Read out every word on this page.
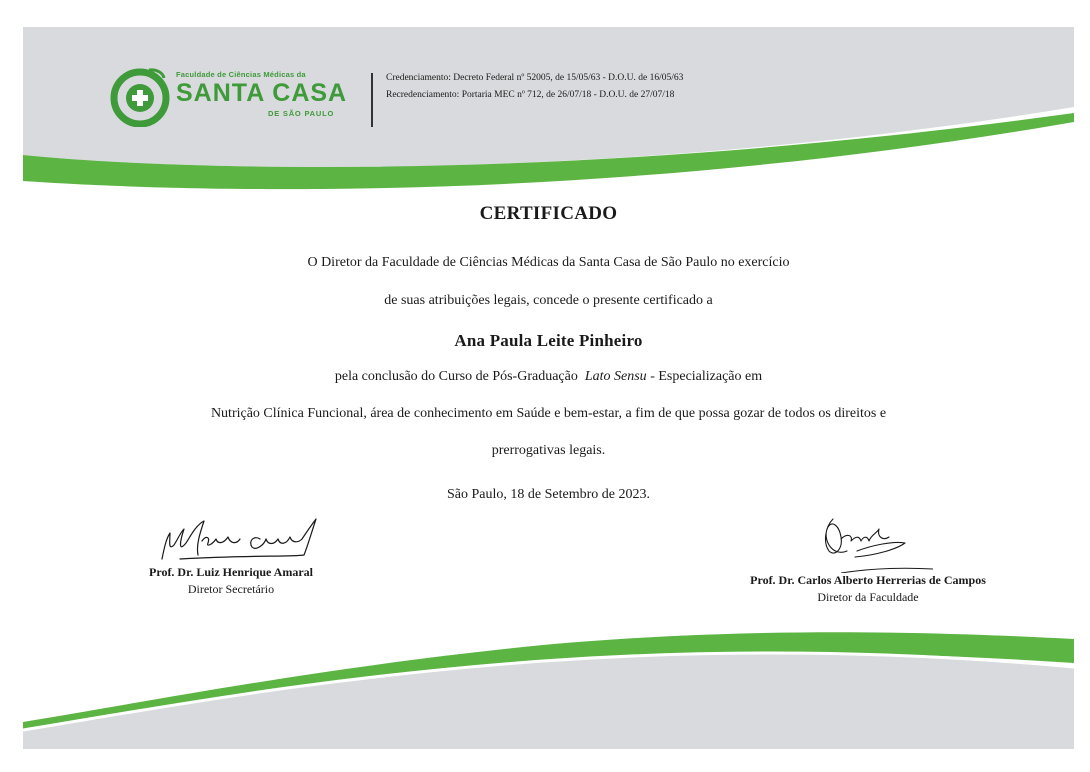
Faculdade de Ciências Médicas da
SANTA CASA
DE SÃO PAULO
Credenciamento: Decreto Federal nº 52005, de 15/05/63 - D.O.U. de 16/05/63
Recredenciamento: Portaria MEC nº 712, de 26/07/18 - D.O.U. de 27/07/18
CERTIFICADO
O Diretor da Faculdade de Ciências Médicas da Santa Casa de São Paulo no exercício
de suas atribuições legais, concede o presente certificado a
Ana Paula Leite Pinheiro
pela conclusão do Curso de Pós-Graduação Lato Sensu - Especialização em
Nutrição Clínica Funcional, área de conhecimento em Saúde e bem-estar, a fim de que possa gozar de todos os direitos e
prerrogativas legais.
São Paulo, 18 de Setembro de 2023.
Prof. Dr. Luiz Henrique Amaral
Diretor Secretário
Prof. Dr. Carlos Alberto Herrerias de Campos
Diretor da Faculdade
